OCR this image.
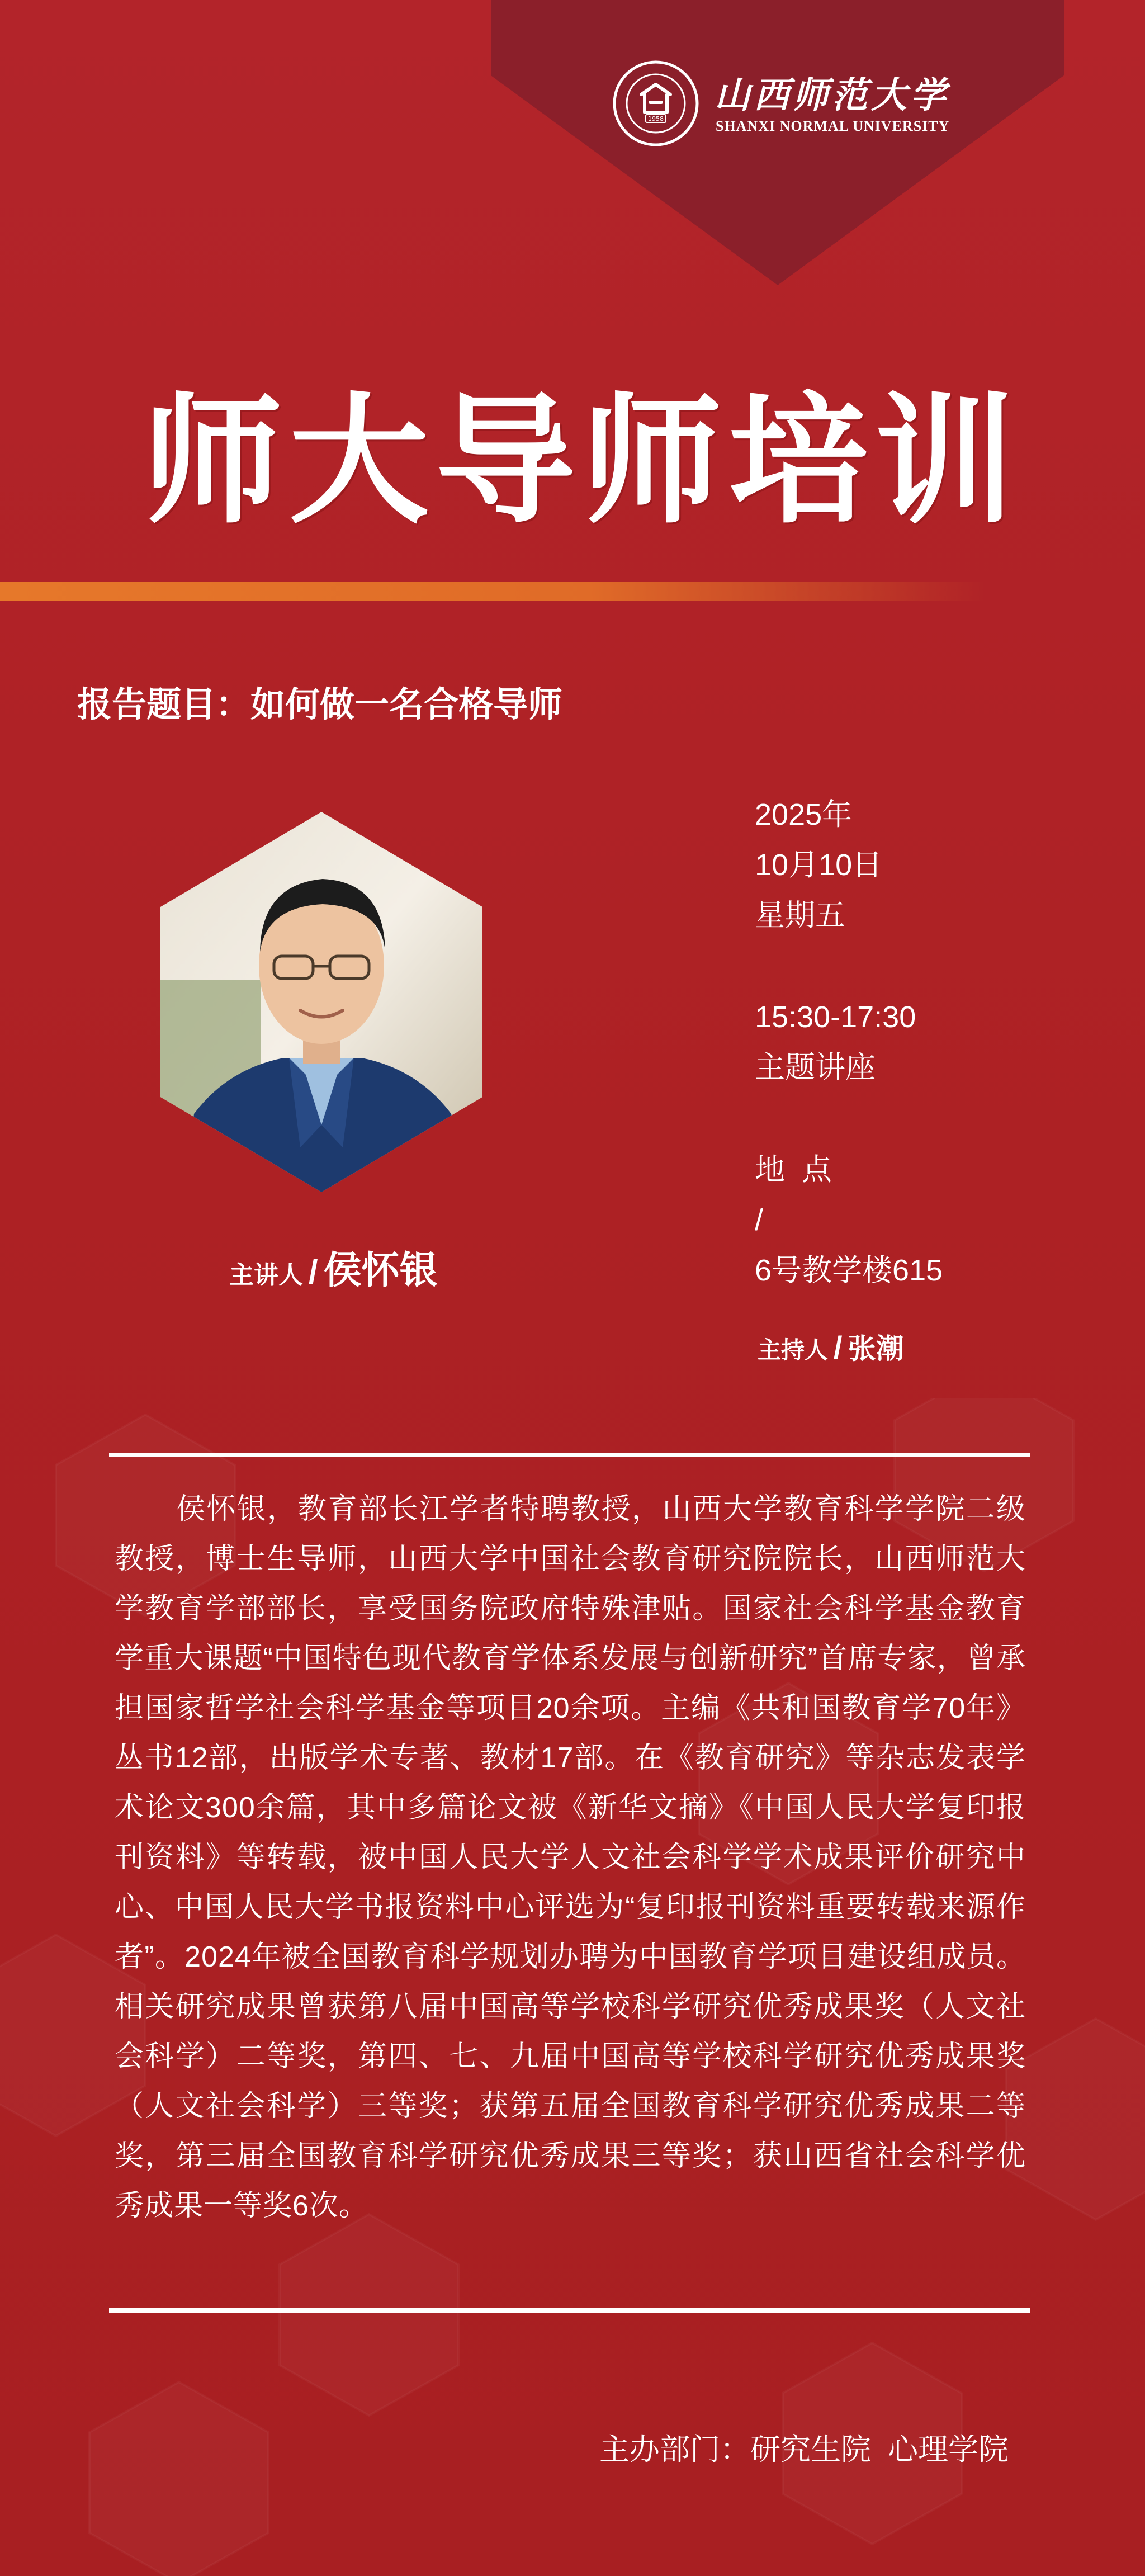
1958
山西师范大学
SHANXI NORMAL UNIVERSITY
师大导师培训
报告题目：如何做一名合格导师
主讲人 / 侯怀银
2025年
10月10日
星期五
15:30-17:30
主题讲座
地  点
/
6号教学楼615
主持人 / 张潮
侯怀银，教育部长江学者特聘教授，山西大学教育科学学院二级教授，博士生导师，山西大学中国社会教育研究院院长，山西师范大学教育学部部长，享受国务院政府特殊津贴。国家社会科学基金教育学重大课题“中国特色现代教育学体系发展与创新研究”首席专家，曾承担国家哲学社会科学基金等项目20余项。主编《共和国教育学70年》丛书12部，出版学术专著、教材17部。在《教育研究》等杂志发表学术论文300余篇，其中多篇论文被《新华文摘》《中国人民大学复印报刊资料》等转载，被中国人民大学人文社会科学学术成果评价研究中心、中国人民大学书报资料中心评选为“复印报刊资料重要转载来源作者”。2024年被全国教育科学规划办聘为中国教育学项目建设组成员。相关研究成果曾获第八届中国高等学校科学研究优秀成果奖（人文社会科学）二等奖，第四、七、九届中国高等学校科学研究优秀成果奖（人文社会科学）三等奖；获第五届全国教育科学研究优秀成果二等奖，第三届全国教育科学研究优秀成果三等奖；获山西省社会科学优秀成果一等奖6次。
主办部门：研究生院  心理学院
